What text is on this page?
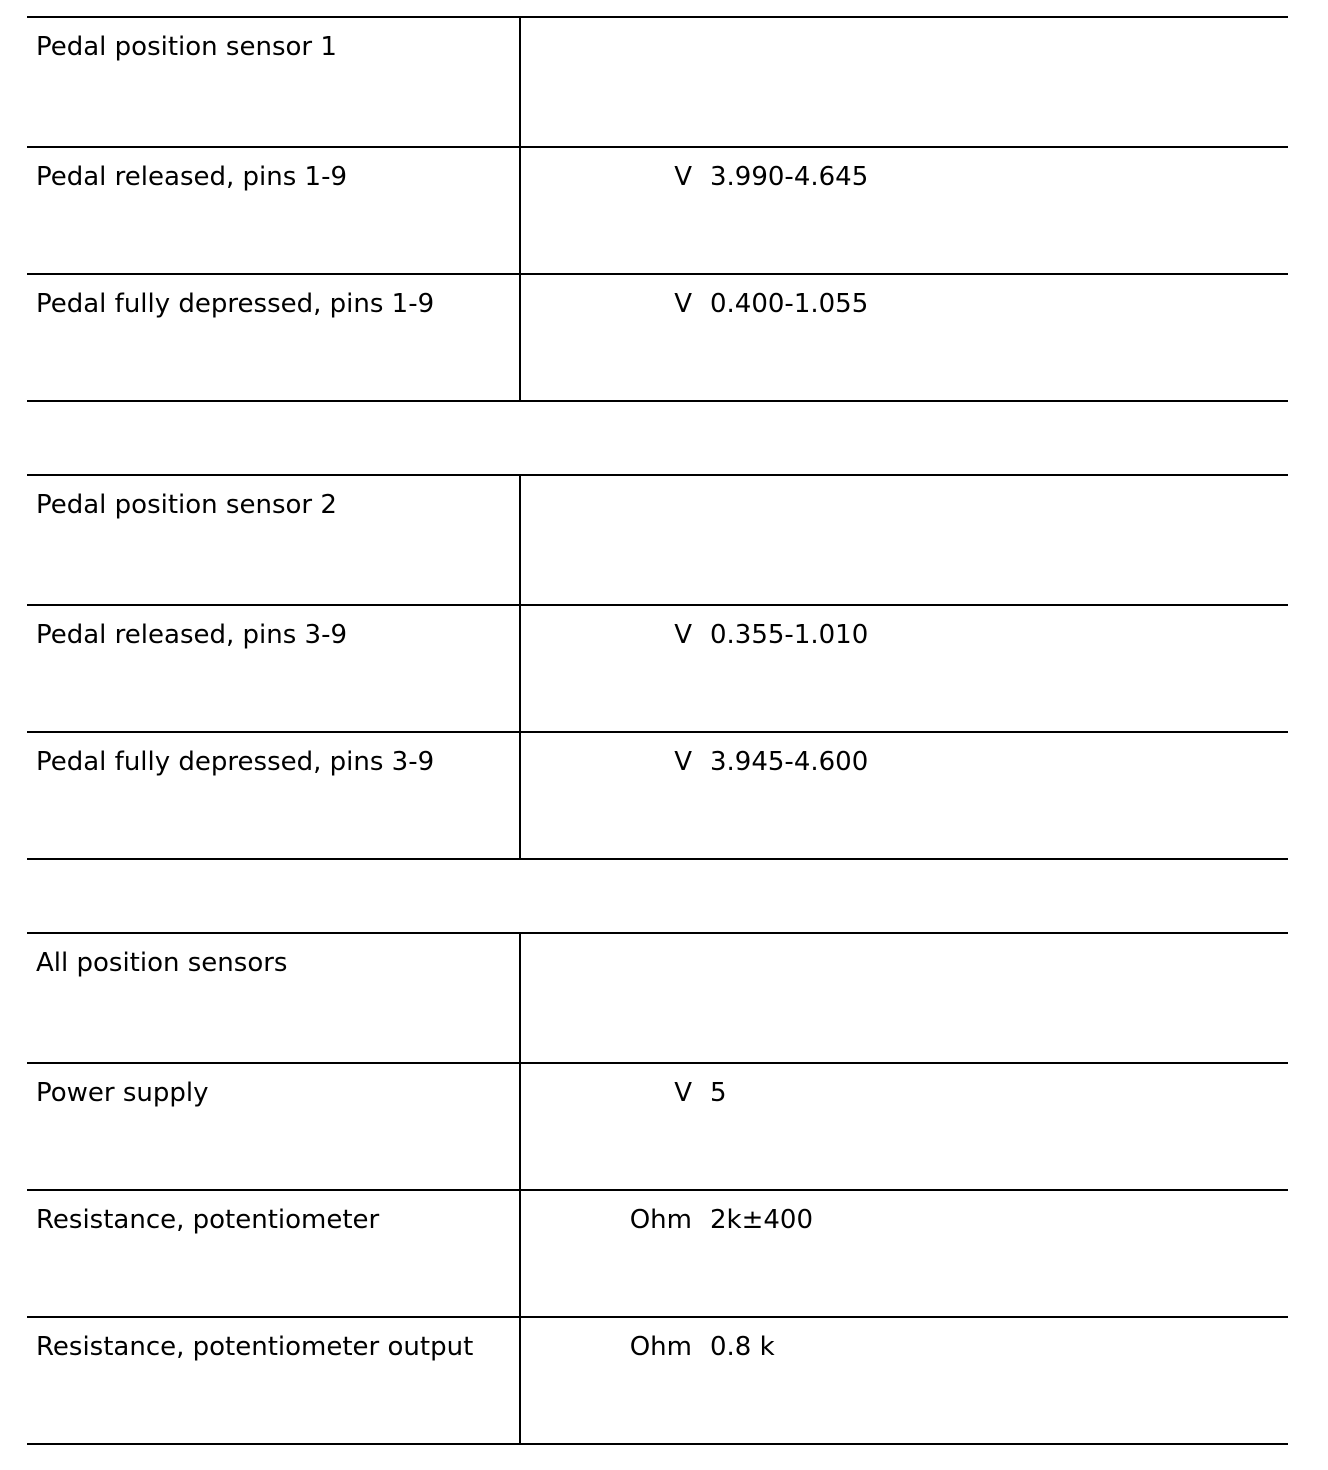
Pedal position sensor 1
Pedal released, pins 1-9	V 3.990-4.645
Pedal fully depressed, pins 1-9	V 0.400-1.055
Pedal position sensor 2
Pedal released, pins 3-9	V 0.355-1.010
Pedal fully depressed, pins 3-9	V 3.945-4.600
All position sensors
Power supply	V 5
Resistance, potentiometer	Ohm 2k±400
Resistance, potentiometer output	Ohm 0.8 k
